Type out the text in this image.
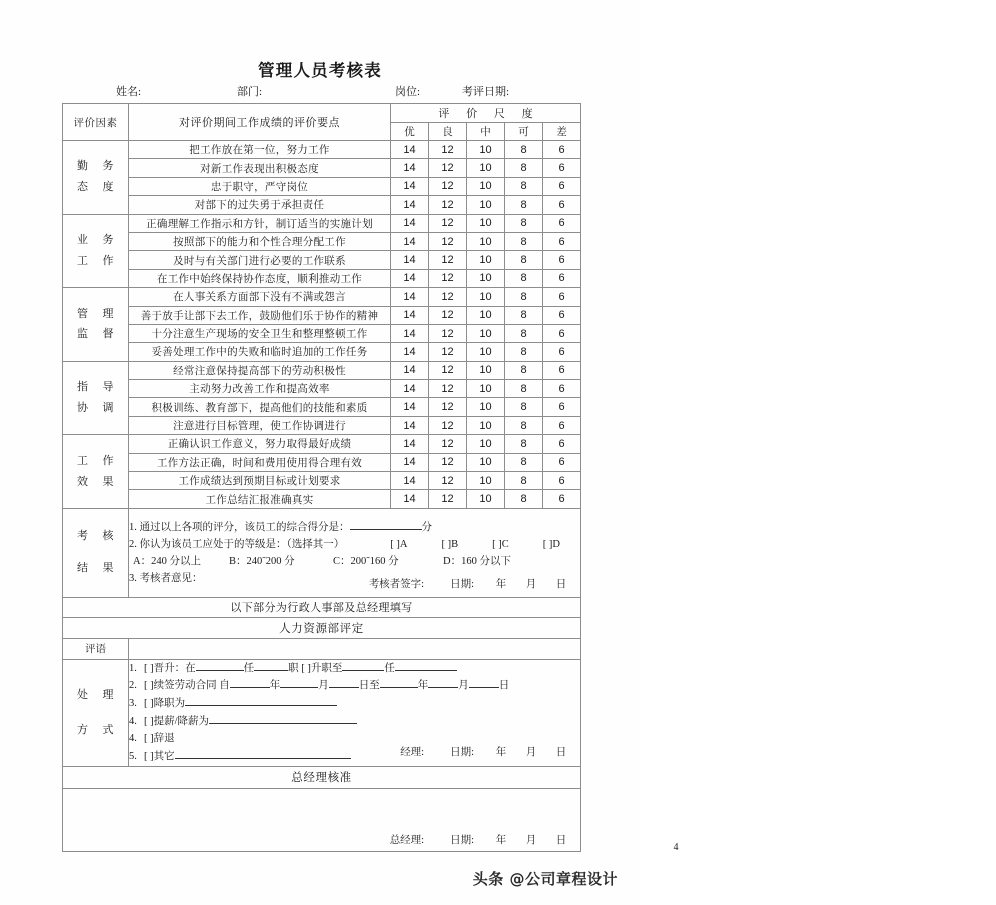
管理人员考核表
姓名:	部门:	岗位:	考评日期:
评价因素	对评价期间工作成绩的评价要点	评 价 尺 度				
		优	良	中	可	差

勤 务
态 度	把工作放在第一位，努力工作	14	12	10	8	6
	对新工作表现出积极态度	14	12	10	8	6
	忠于职守，严守岗位	14	12	10	8	6
	对部下的过失勇于承担责任	14	12	10	8	6

业 务
工 作	正确理解工作指示和方针，制订适当的实施计划	14	12	10	8	6
	按照部下的能力和个性合理分配工作	14	12	10	8	6
	及时与有关部门进行必要的工作联系	14	12	10	8	6
	在工作中始终保持协作态度，顺利推动工作	14	12	10	8	6

管 理
监 督	在人事关系方面部下没有不满或怨言	14	12	10	8	6
	善于放手让部下去工作，鼓励他们乐于协作的精神	14	12	10	8	6
	十分注意生产现场的安全卫生和整理整顿工作	14	12	10	8	6
	妥善处理工作中的失败和临时追加的工作任务	14	12	10	8	6

指 导
协 调	经常注意保持提高部下的劳动积极性	14	12	10	8	6
	主动努力改善工作和提高效率	14	12	10	8	6
	积极训练、教育部下，提高他们的技能和素质	14	12	10	8	6
	注意进行目标管理，使工作协调进行	14	12	10	8	6

工 作
效 果	正确认识工作意义，努力取得最好成绩	14	12	10	8	6
	工作方法正确，时间和费用使用得合理有效	14	12	10	8	6
	工作成绩达到预期目标或计划要求	14	12	10	8	6
	工作总结汇报准确真实	14	12	10	8	6

考 核
结 果

1. 通过以上各项的评分，该员工的综合得分是：	分
2. 你认为该员工应处于的等级是：（选择其一）	[ ]A	[ ]B	[ ]C	[ ]D
A：240 分以上	B：240˜200 分	C：200˜160 分	D：160 分以下
3. 考核者意见：
考核者签字: 日期: 年 月 日

以下部分为行政人事部及总经理填写						
人力资源部评定						
评语						

处 理
方 式

1. [ ]晋升：在	任	职 [ ]升职至	任
2. [ ]续签劳动合同 自	年	月	日至	年	月	日
3. [ ]降职为
4. [ ]提薪/降薪为
4. [ ]辞退
5. [ ]其它	经理: 日期: 年 月 日

总经理核准						

总经理: 日期: 年 月 日						
4
头条 @公司章程设计
